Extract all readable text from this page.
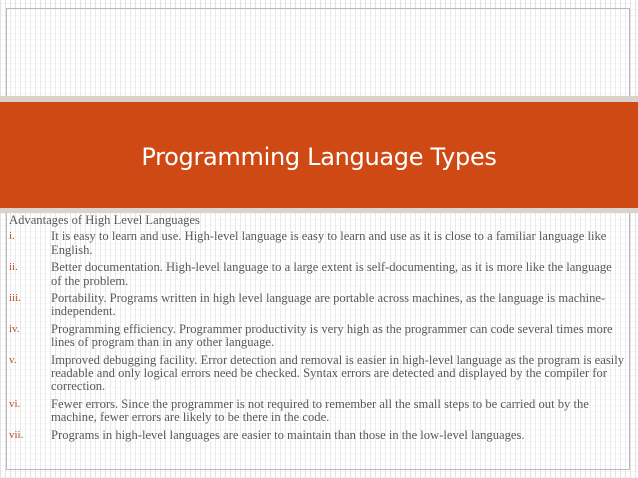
Programming Language Types
Advantages of High Level Languages
i.	It is easy to learn and use. High-level language is easy to learn and use as it is close to a familiar language like English.
ii.	Better documentation. High-level language to a large extent is self-documenting, as it is more like the language of the problem.
iii. Portability. Programs written in high level language are portable across machines, as the language is machine-independent.
iv. Programming efficiency. Programmer productivity is very high as the programmer can code several times more lines of program than in any other language.
v.	Improved debugging facility. Error detection and removal is easier in high-level language as the program is easily readable and only logical errors need be checked. Syntax errors are detected and displayed by the compiler for correction.
vi. Fewer errors. Since the programmer is not required to remember all the small steps to be carried out by the machine, fewer errors are likely to be there in the code.
vii. Programs in high-level languages are easier to maintain than those in the low-level languages.
